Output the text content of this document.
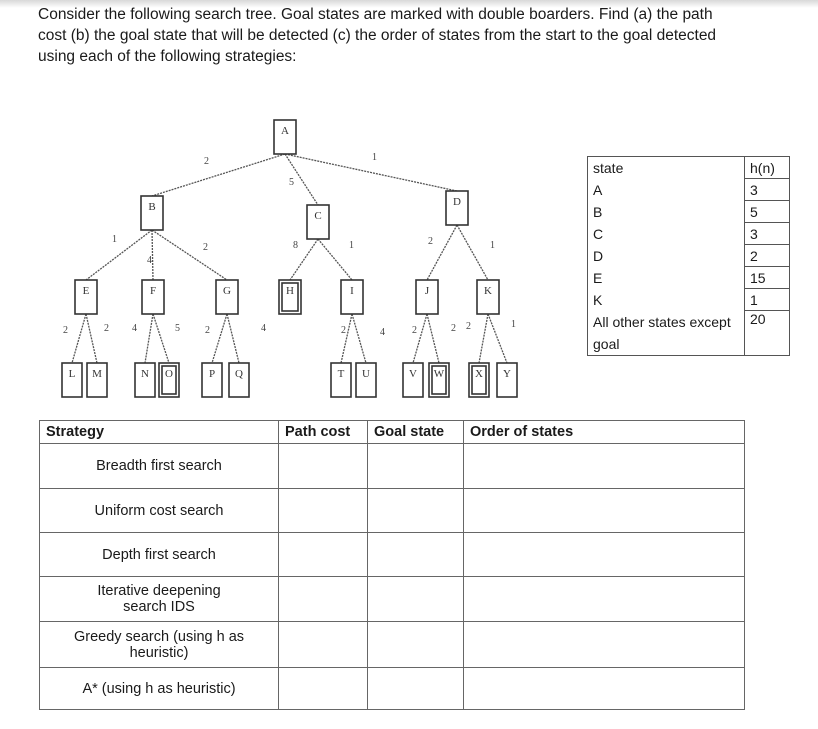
Consider the following search tree. Goal states are marked with double boarders. Find (a) the path cost (b) the goal state that will be detected (c) the order of states from the start to the goal detected using each of the following strategies:
2
5
1
1
4
2	8	1	2	1
2	2 4	5	2	4	2	4	2	2 2	1
A
B
C
D
E	F	G	H	I	J	K
L M	N O	P Q	T U	V W	X Y
state	h(n)
A	3
B	5
C	3
D	2
E	15
K	1
All other states except goal	20
Strategy	Path cost	Goal state	Order of states
Breadth first search			
Uniform cost search			
Depth first search			
Iterative deepening search IDS			
Greedy search (using h as heuristic)			
A* (using h as heuristic)			
